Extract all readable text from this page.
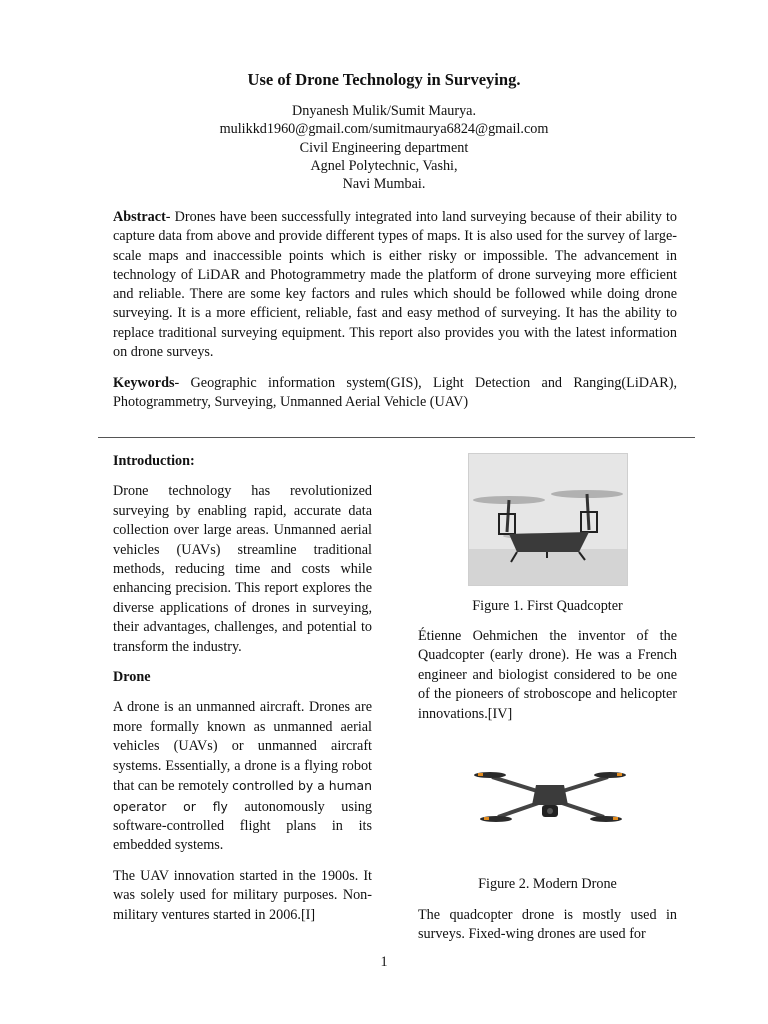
Use of Drone Technology in Surveying.
Dnyanesh Mulik/Sumit Maurya.
mulikkd1960@gmail.com/sumitmaurya6824@gmail.com
Civil Engineering department
Agnel Polytechnic, Vashi,
Navi Mumbai.
Abstract- Drones have been successfully integrated into land surveying because of their ability to capture data from above and provide different types of maps. It is also used for the survey of large-scale maps and inaccessible points which is either risky or impossible. The advancement in technology of LiDAR and Photogrammetry made the platform of drone surveying more efficient and reliable. There are some key factors and rules which should be followed while doing drone surveying. It is a more efficient, reliable, fast and easy method of surveying. It has the ability to replace traditional surveying equipment. This report also provides you with the latest information on drone surveys.
Keywords- Geographic information system(GIS), Light Detection and Ranging(LiDAR), Photogrammetry, Surveying, Unmanned Aerial Vehicle (UAV)
Introduction:

Drone technology has revolutionized surveying by enabling rapid, accurate data collection over large areas. Unmanned aerial vehicles (UAVs) streamline traditional methods, reducing time and costs while enhancing precision. This report explores the diverse applications of drones in surveying, their advantages, challenges, and potential to transform the industry.

Drone

A drone is an unmanned aircraft. Drones are more formally known as unmanned aerial vehicles (UAVs) or unmanned aircraft systems. Essentially, a drone is a flying robot that can be remotely controlled by a human operator or fly autonomously using software-controlled flight plans in its embedded systems.

The UAV innovation started in the 1900s. It was solely used for military purposes. Non-military ventures started in 2006.[I]

Figure 1. First Quadcopter

Étienne Oehmichen the inventor of the Quadcopter (early drone). He was a French engineer and biologist considered to be one of the pioneers of stroboscope and helicopter innovations.[IV]

Figure 2. Modern Drone

The quadcopter drone is mostly used in surveys. Fixed-wing drones are used for

1
